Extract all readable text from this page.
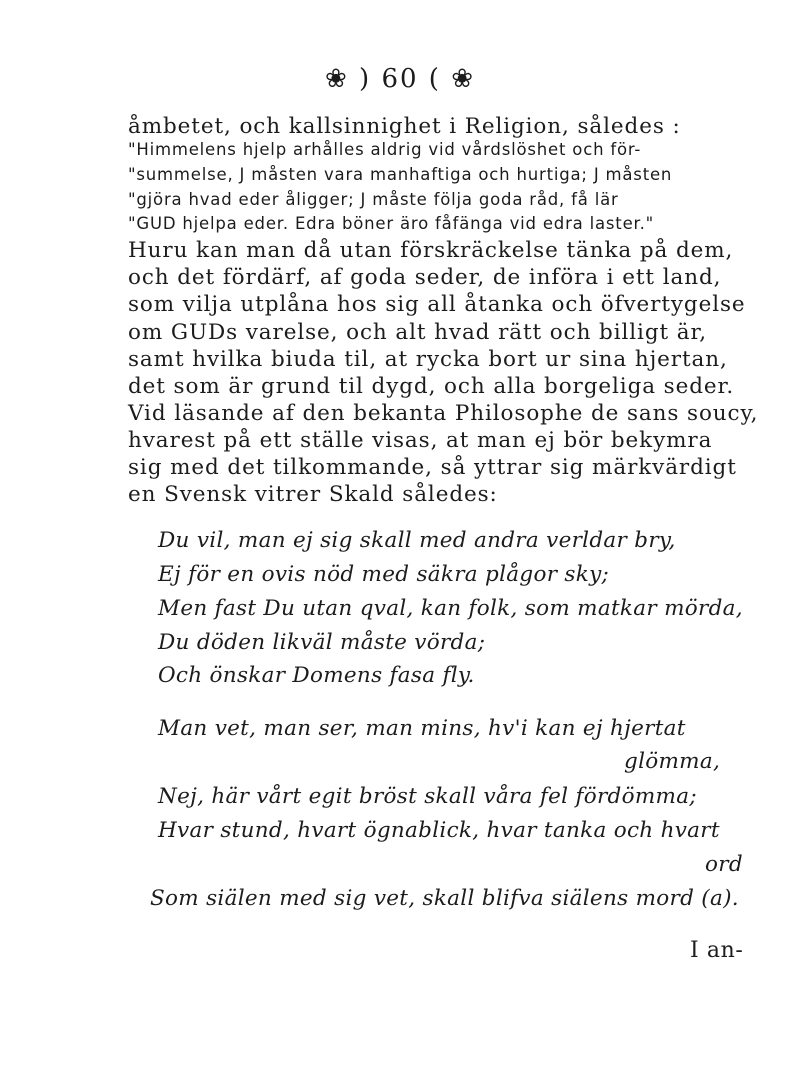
❀ ) 60 ( ❀
åmbetet, och kallsinnighet i Religion, således :
"Himmelens hjelp arhålles aldrig vid vårdslöshet och för-
"summelse, J måsten vara manhaftiga och hurtiga; J måsten
"gjöra hvad eder åligger; J måste följa goda råd, få lär
"GUD hjelpa eder. Edra böner äro fåfänga vid edra laster."
Huru kan man då utan förskräckelse tänka på dem,
och det fördärf, af goda seder, de införa i ett land,
som vilja utplåna hos sig all åtanka och öfvertygelse
om GUDs varelse, och alt hvad rätt och billigt är,
samt hvilka biuda til, at rycka bort ur sina hjertan,
det som är grund til dygd, och alla borgeliga seder.
Vid läsande af den bekanta Philosophe de sans soucy,
hvarest på ett ställe visas, at man ej bör bekymra
sig med det tilkommande, så yttrar sig märkvärdigt
en Svensk vitrer Skald således:
Du vil, man ej sig skall med andra verldar bry,
Ej för en ovis nöd med säkra plågor sky;
Men fast Du utan qval, kan folk, som matkar mörda,
Du döden likväl måste vörda;
Och önskar Domens fasa fly.
Man vet, man ser, man mins, hv'i kan ej hjertat
glömma,
Nej, här vårt egit bröst skall våra fel fördömma;
Hvar stund, hvart ögnablick, hvar tanka och hvart
ord
Som siälen med sig vet, skall blifva siälens mord (a).
I an-
